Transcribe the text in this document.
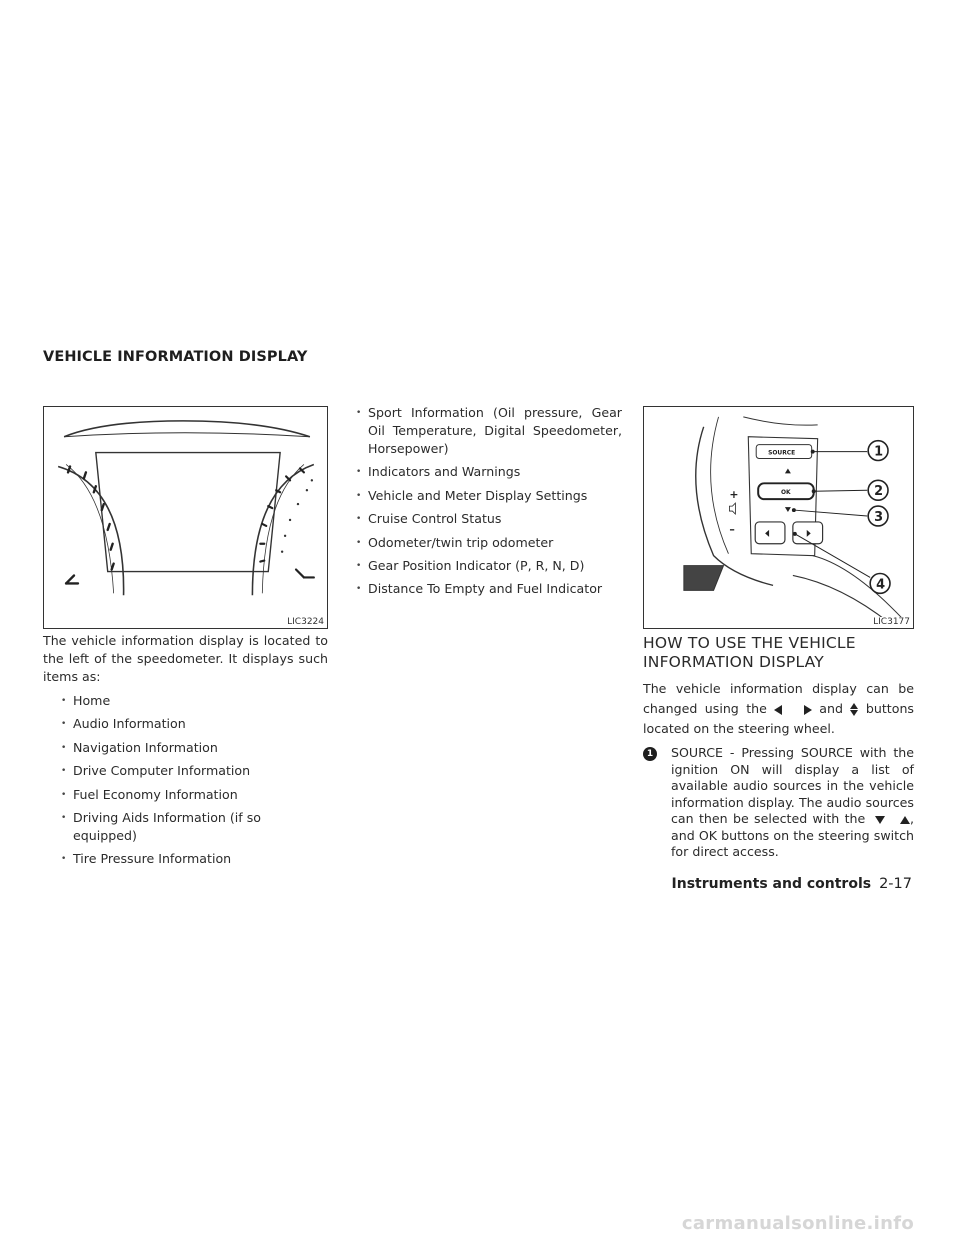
VEHICLE INFORMATION DISPLAY
LIC3224
The vehicle information display is located to the left of the speedometer. It displays such items as:
• Home
• Audio Information
• Navigation Information
• Drive Computer Information
• Fuel Economy Information
• Driving Aids Information (if so equipped)
• Tire Pressure Information
• Sport Information (Oil pressure, Gear Oil Temperature, Digital Speedometer, Horsepower)
• Indicators and Warnings
• Vehicle and Meter Display Settings
• Cruise Control Status
• Odometer/twin trip odometer
• Gear Position Indicator (P, R, N, D)
• Distance To Empty and Fuel Indicator
SOURCE
OK
+
–
1
2
3
4
LIC3177
HOW TO USE THE VEHICLE
INFORMATION DISPLAY
The vehicle information display can be changed using the	and buttons located on the steering wheel.
1	SOURCE - Pressing SOURCE with the ignition ON will display a list of available audio sources in the vehicle information display. The audio sources can then be selected with the	, and OK buttons on the steering switch for direct access.
Instruments and controls 2-17
carmanualsonline.info
